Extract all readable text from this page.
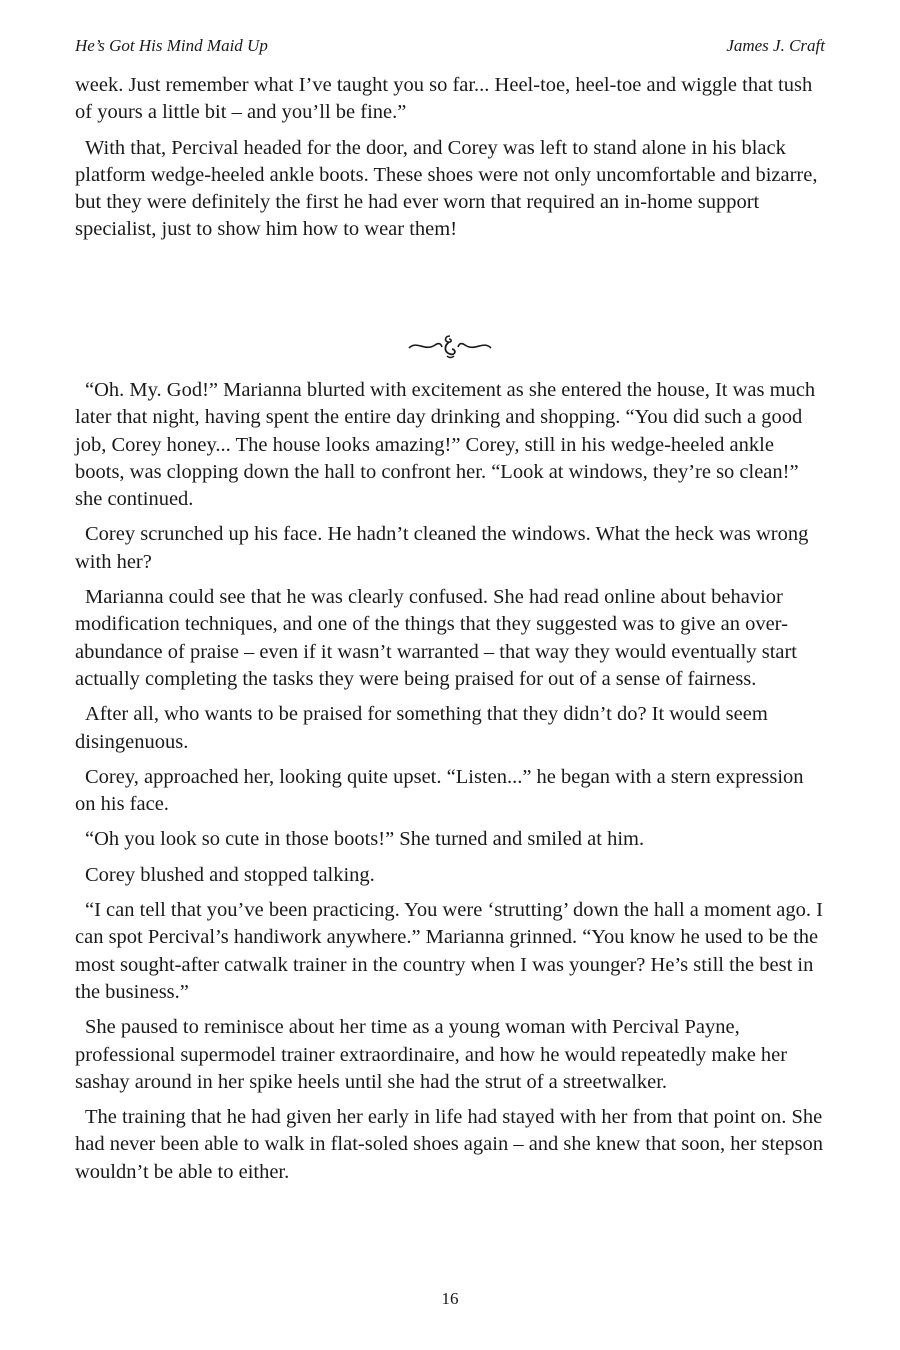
He’s Got His Mind Maid Up	James J. Craft

week. Just remember what I’ve taught you so far... Heel-toe, heel-toe and wiggle that tush of yours a little bit – and you’ll be fine.”

With that, Percival headed for the door, and Corey was left to stand alone in his black platform wedge-heeled ankle boots. These shoes were not only uncomfortable and bizarre, but they were definitely the first he had ever worn that required an in-home support specialist, just to show him how to wear them!

“Oh. My. God!” Marianna blurted with excitement as she entered the house, It was much later that night, having spent the entire day drinking and shopping. “You did such a good job, Corey honey... The house looks amazing!” Corey, still in his wedge-heeled ankle boots, was clopping down the hall to confront her. “Look at windows, they’re so clean!” she continued.

Corey scrunched up his face. He hadn’t cleaned the windows. What the heck was wrong with her?

Marianna could see that he was clearly confused. She had read online about behavior modification techniques, and one of the things that they suggested was to give an over-abundance of praise – even if it wasn’t warranted – that way they would eventually start actually completing the tasks they were being praised for out of a sense of fairness.

After all, who wants to be praised for something that they didn’t do? It would seem disingenuous.

Corey, approached her, looking quite upset. “Listen...” he began with a stern expression on his face.

“Oh you look so cute in those boots!” She turned and smiled at him.

Corey blushed and stopped talking.

“I can tell that you’ve been practicing. You were ‘strutting’ down the hall a moment ago. I can spot Percival’s handiwork anywhere.” Marianna grinned. “You know he used to be the most sought-after catwalk trainer in the country when I was younger? He’s still the best in the business.”

She paused to reminisce about her time as a young woman with Percival Payne, professional supermodel trainer extraordinaire, and how he would repeatedly make her sashay around in her spike heels until she had the strut of a streetwalker.

The training that he had given her early in life had stayed with her from that point on. She had never been able to walk in flat-soled shoes again – and she knew that soon, her stepson wouldn’t be able to either.

16
